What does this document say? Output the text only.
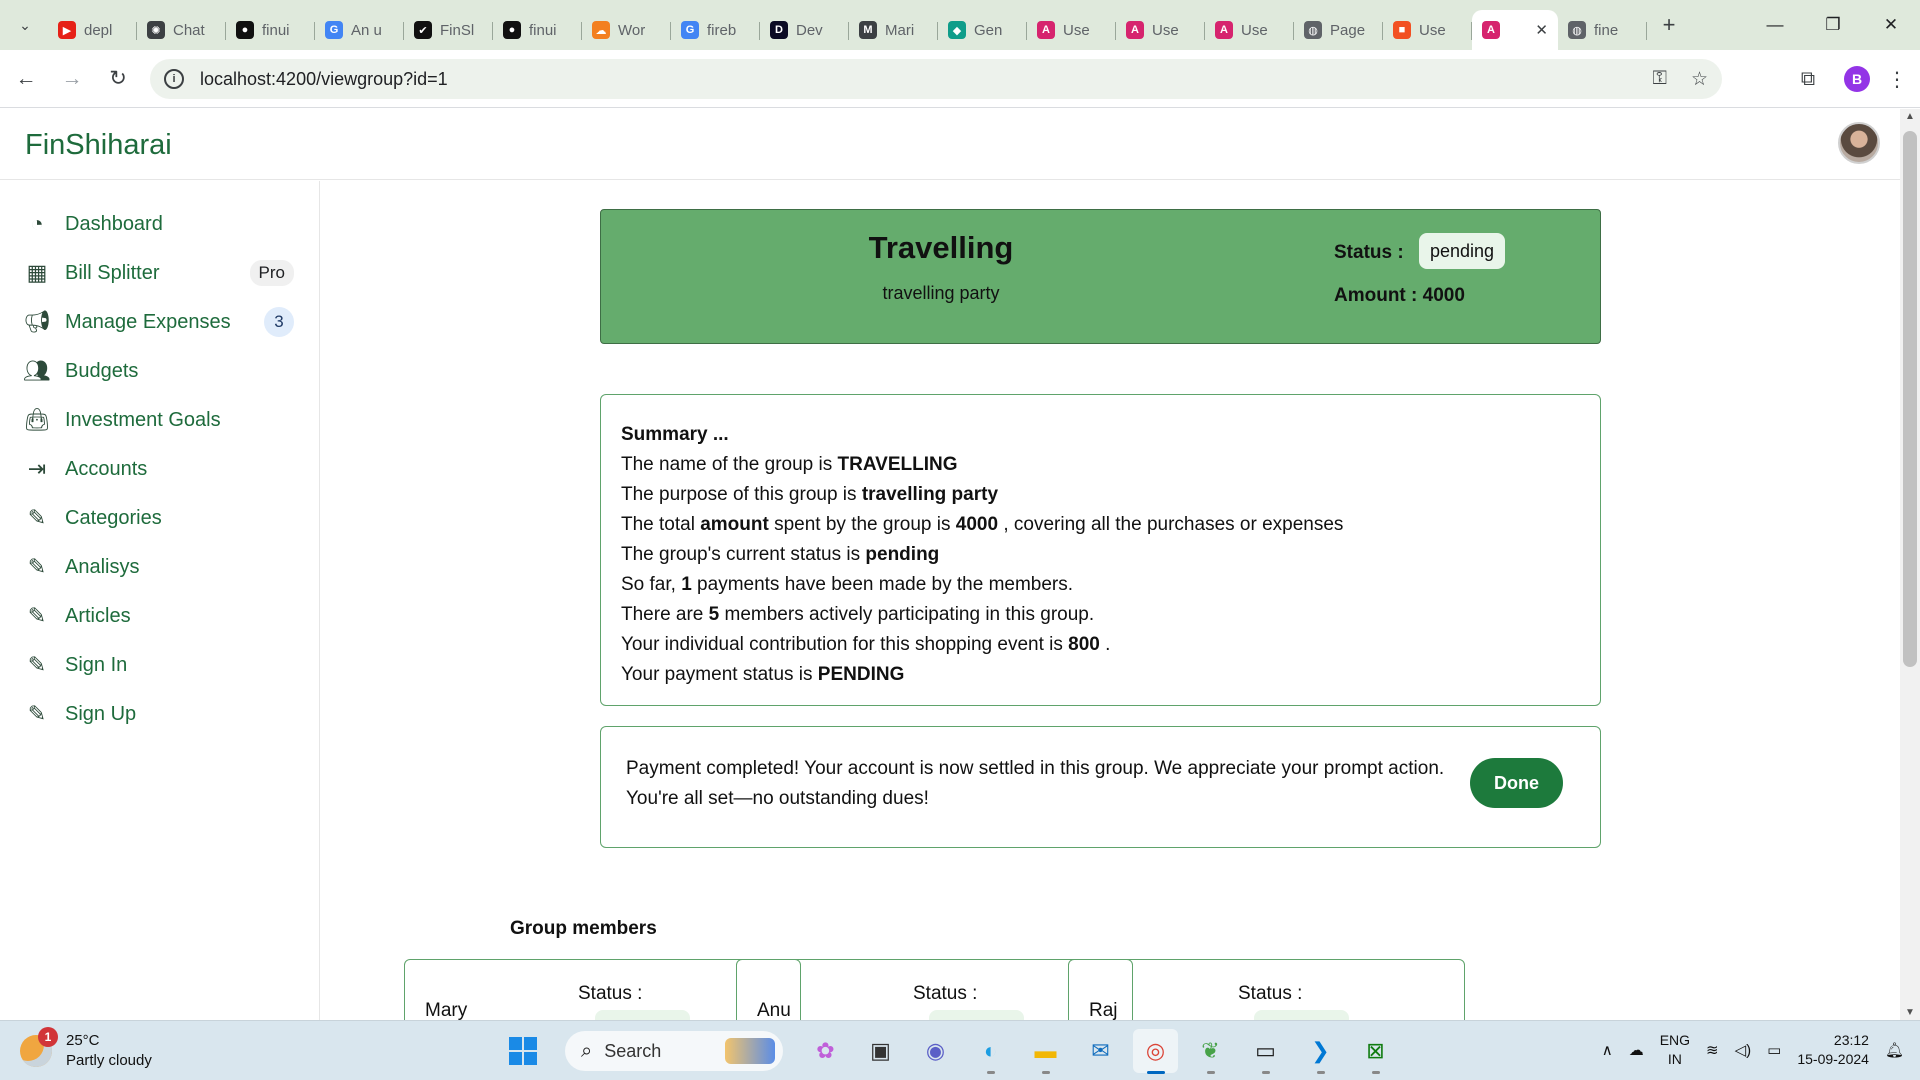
⌄	▶ depl	✺ Chat	● finui	G An u	✔ FinSl	● finui	☁ Wor	G fireb	D Dev	M Mari	◆ Gen	A Use	A Use	A Use	◍ Page	■ Use	A	✕	◍ fine	+	—	❐	✕
←	→	↻	i	localhost:4200/viewgroup?id=1	⚿ ☆	⧉	B	⋮
FinShiharai
◔	Dashboard
▦ Bill Splitter	Pro
📢︎ Manage Expenses	3
👥︎ Budgets
👜︎ Investment Goals
⇥ Accounts
✎ Categories
✎ Analisys
✎ Articles
✎ Sign In
✎ Sign Up
Travelling
travelling party
Status :	pending
Amount : 4000
Summary ...
The name of the group is TRAVELLING
The purpose of this group is travelling party
The total amount spent by the group is 4000 , covering all the purchases or expenses
The group's current status is pending
So far, 1 payments have been made by the members.
There are 5 members actively participating in this group.
Your individual contribution for this shopping event is 800 .
Your payment status is PENDING
Payment completed! Your account is now settled in this group. We appreciate your prompt action. You're all set—no outstanding dues!
Done
Group members
Mary
Status :
Anu
Status :
Raj
Status :
▲
▼
1 25°C
Partly cloudy	⌕ Search	✿ ▣ ◉ ◐ ▬ ✉ ◎ ❦ ▭ ❯ ⊠	∧ ☁
ENG
IN	≋ ◁) ▭
23:12
15-09-2024 🔔︎
